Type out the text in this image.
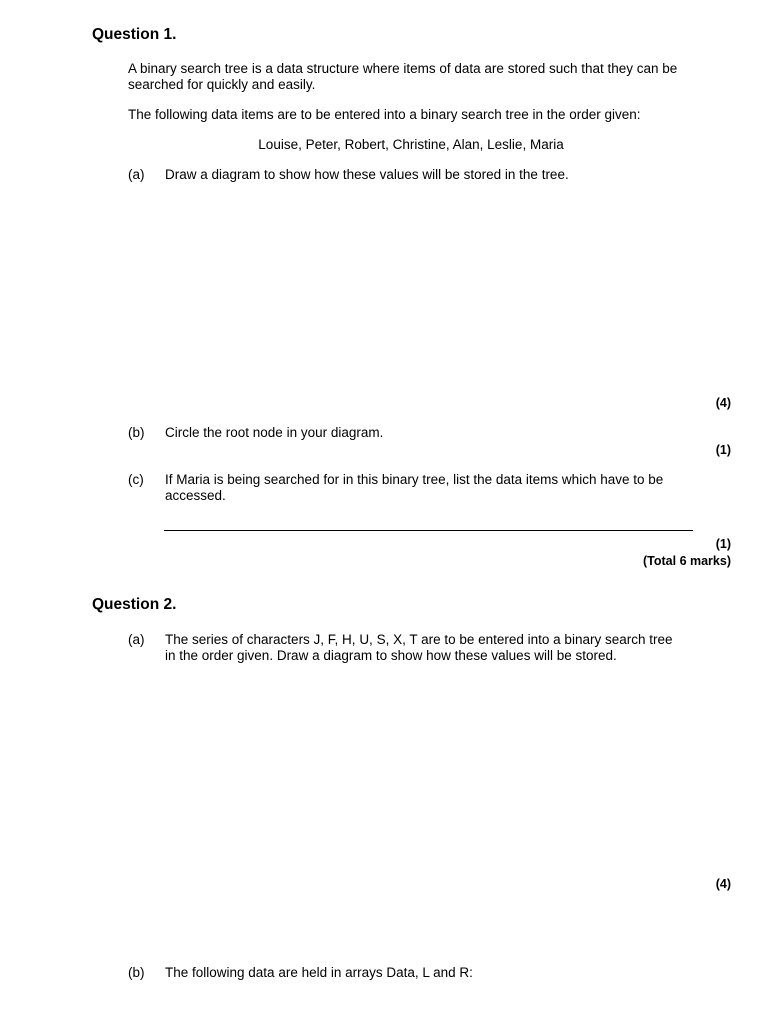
Question 1.
A binary search tree is a data structure where items of data are stored such that they can be searched for quickly and easily.
The following data items are to be entered into a binary search tree in the order given:
Louise, Peter, Robert, Christine, Alan, Leslie, Maria
(a)	Draw a diagram to show how these values will be stored in the tree.
(4)
(b)	Circle the root node in your diagram.
(1)
(c)	If Maria is being searched for in this binary tree, list the data items which have to be accessed.
(1)
(Total 6 marks)
Question 2.
(a)	The series of characters J, F, H, U, S, X, T are to be entered into a binary search tree in the order given. Draw a diagram to show how these values will be stored.
(4)
(b)	The following data are held in arrays Data, L and R:
